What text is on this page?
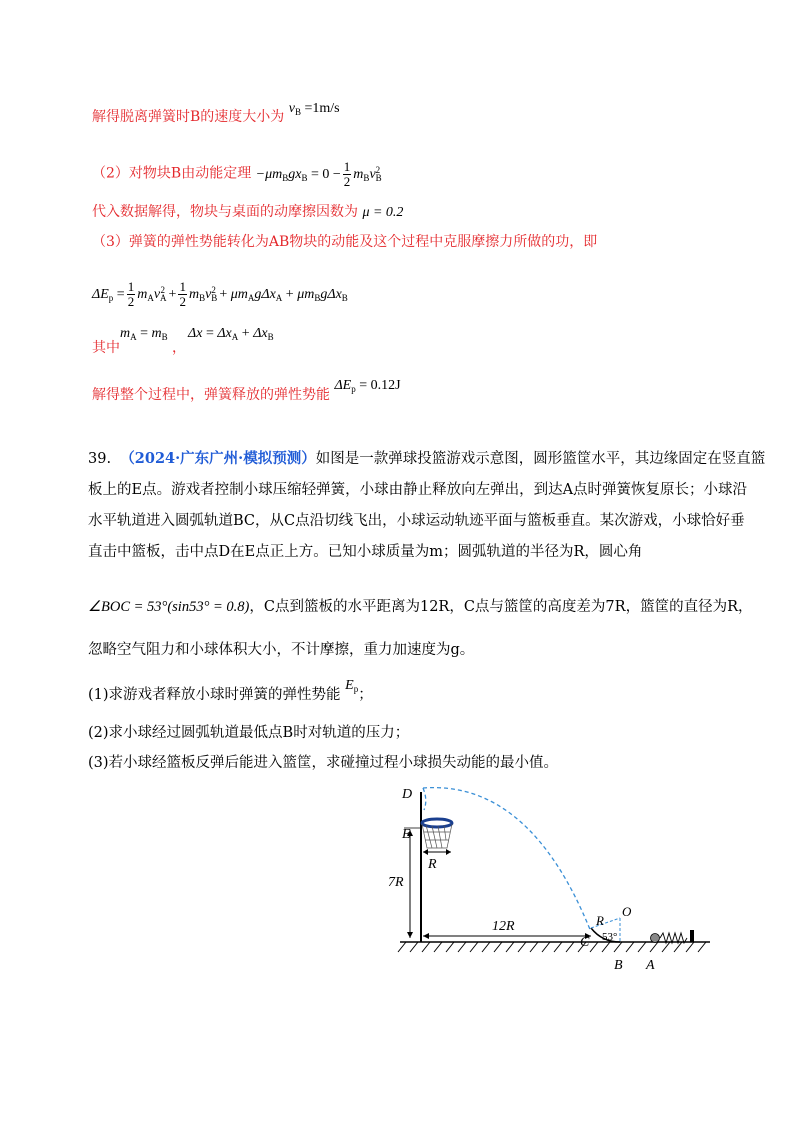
解得脱离弹簧时B的速度大小为 $v_B =1m/s$
（2）对物块B由动能定理 $-\mu m_Bgx_B = 0 - \frac{1}{2} m_Bv_B^2$
代入数据解得，物块与桌面的动摩擦因数为 μ = 0.2
（3）弹簧的弹性势能转化为AB物块的动能及这个过程中克服摩擦力所做的功，即
$\Delta E_p = \frac{1}{2} m_Av_A^2 + \frac{1}{2} m_Bv_B^2 + \mu m_Ag\Delta x_A + \mu m_Bg\Delta x_B$
$m_A = m_B$ $\Delta x = \Delta x_A + \Delta x_B$
其中	，
解得整个过程中，弹簧释放的弹性势能 $\Delta E_p = 0.12J$
39. （2024·广东广州·模拟预测）如图是一款弹球投篮游戏示意图，圆形篮筐水平，其边缘固定在竖直篮
板上的E点。游戏者控制小球压缩轻弹簧，小球由静止释放向左弹出，到达A点时弹簧恢复原长；小球沿
水平轨道进入圆弧轨道BC，从C点沿切线飞出，小球运动轨迹平面与篮板垂直。某次游戏，小球恰好垂
直击中篮板，击中点D在E点正上方。已知小球质量为m；圆弧轨道的半径为R，圆心角
∠BOC = 53°(sin53° = 0.8)，C点到篮板的水平距离为12R，C点与篮筐的高度差为7R，篮筐的直径为R，
忽略空气阻力和小球体积大小，不计摩擦，重力加速度为g。
(1)求游戏者释放小球时弹簧的弹性势能 $E_p$；
(2)求小球经过圆弧轨道最低点B时对轨道的压力；
(3)若小球经篮板反弹后能进入篮筐，求碰撞过程小球损失动能的最小值。
D
E
R
7R
12R	R
O
C 53°
B A
